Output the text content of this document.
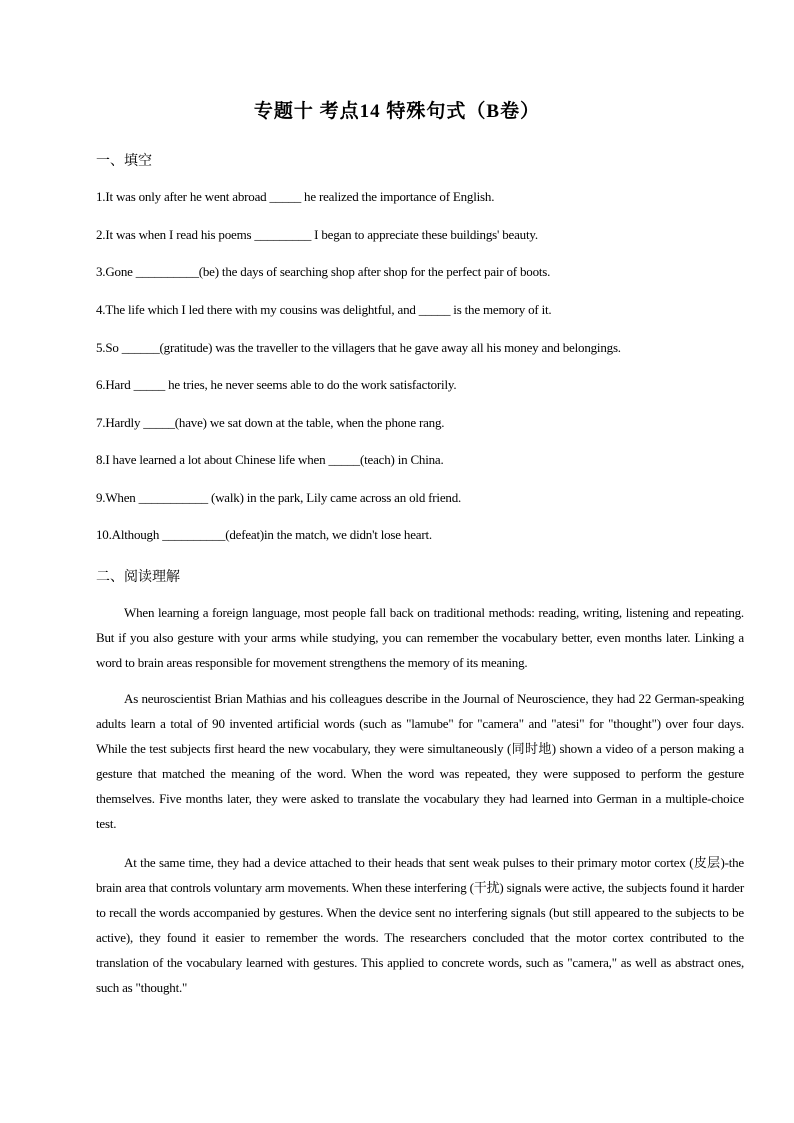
专题十 考点14 特殊句式（B卷）
一、填空
1.It was only after he went abroad _____ he realized the importance of English.
2.It was when I read his poems _________ I began to appreciate these buildings' beauty.
3.Gone __________(be) the days of searching shop after shop for the perfect pair of boots.
4.The life which I led there with my cousins was delightful, and _____ is the memory of it.
5.So ______(gratitude) was the traveller to the villagers that he gave away all his money and belongings.
6.Hard _____ he tries, he never seems able to do the work satisfactorily.
7.Hardly _____(have) we sat down at the table, when the phone rang.
8.I have learned a lot about Chinese life when _____(teach) in China.
9.When ___________ (walk) in the park, Lily came across an old friend.
10.Although __________(defeat)in the match, we didn't lose heart.
二、阅读理解
When learning a foreign language, most people fall back on traditional methods: reading, writing, listening and repeating. But if you also gesture with your arms while studying, you can remember the vocabulary better, even months later. Linking a word to brain areas responsible for movement strengthens the memory of its meaning.
As neuroscientist Brian Mathias and his colleagues describe in the Journal of Neuroscience, they had 22 German-speaking adults learn a total of 90 invented artificial words (such as "lamube" for "camera" and "atesi" for "thought") over four days. While the test subjects first heard the new vocabulary, they were simultaneously (同时地) shown a video of a person making a gesture that matched the meaning of the word. When the word was repeated, they were supposed to perform the gesture themselves. Five months later, they were asked to translate the vocabulary they had learned into German in a multiple-choice test.
At the same time, they had a device attached to their heads that sent weak pulses to their primary motor cortex (皮层)-the brain area that controls voluntary arm movements. When these interfering (干扰) signals were active, the subjects found it harder to recall the words accompanied by gestures. When the device sent no interfering signals (but still appeared to the subjects to be active), they found it easier to remember the words. The researchers concluded that the motor cortex contributed to the translation of the vocabulary learned with gestures. This applied to concrete words, such as "camera," as well as abstract ones, such as "thought."
